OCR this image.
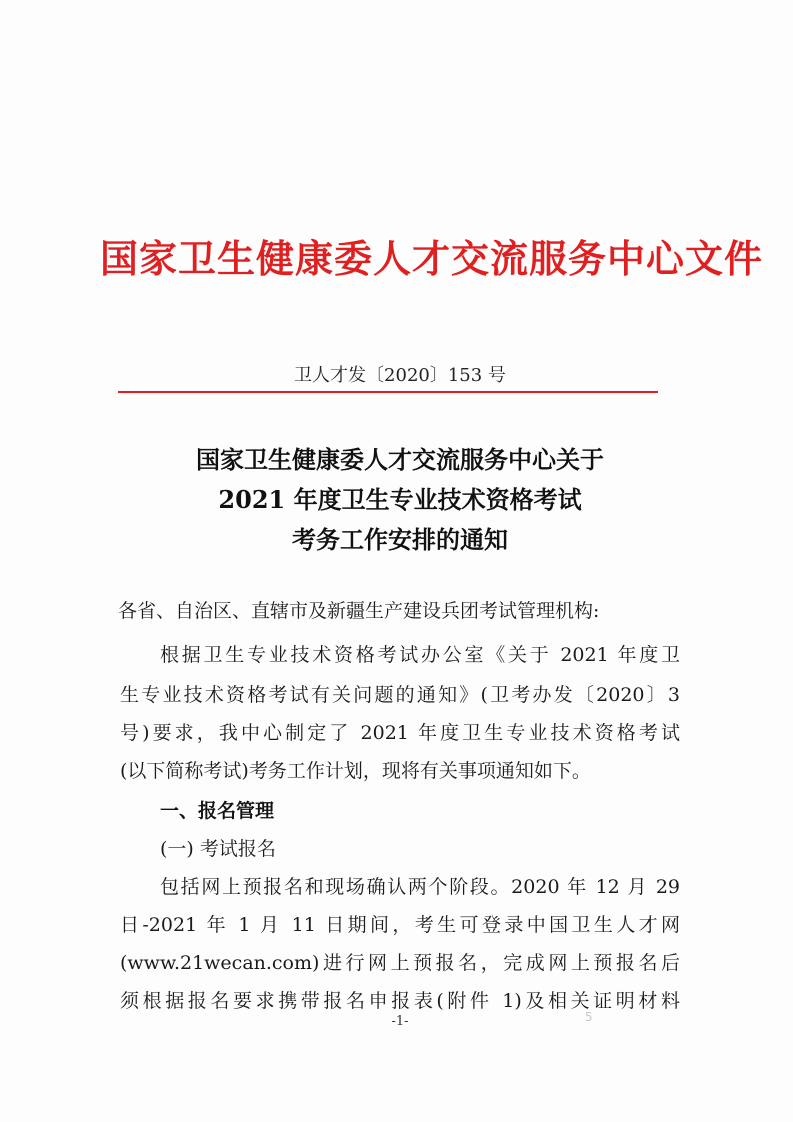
国家卫生健康委人才交流服务中心文件
卫人才发〔2020〕153 号
国家卫生健康委人才交流服务中心关于
2021 年度卫生专业技术资格考试
考务工作安排的通知
各省、自治区、直辖市及新疆生产建设兵团考试管理机构:
根据卫生专业技术资格考试办公室《关于 2021 年度卫
生专业技术资格考试有关问题的通知》(卫考办发〔2020〕3
号)要求，我中心制定了 2021 年度卫生专业技术资格考试
(以下简称考试)考务工作计划，现将有关事项通知如下。
一、报名管理
(一) 考试报名
包括网上预报名和现场确认两个阶段。2020 年 12 月 29
日-2021 年 1 月 11 日期间，考生可登录中国卫生人才网
(www.21wecan.com)进行网上预报名，完成网上预报名后
须根据报名要求携带报名申报表(附件 1)及相关证明材料
-1-	5
